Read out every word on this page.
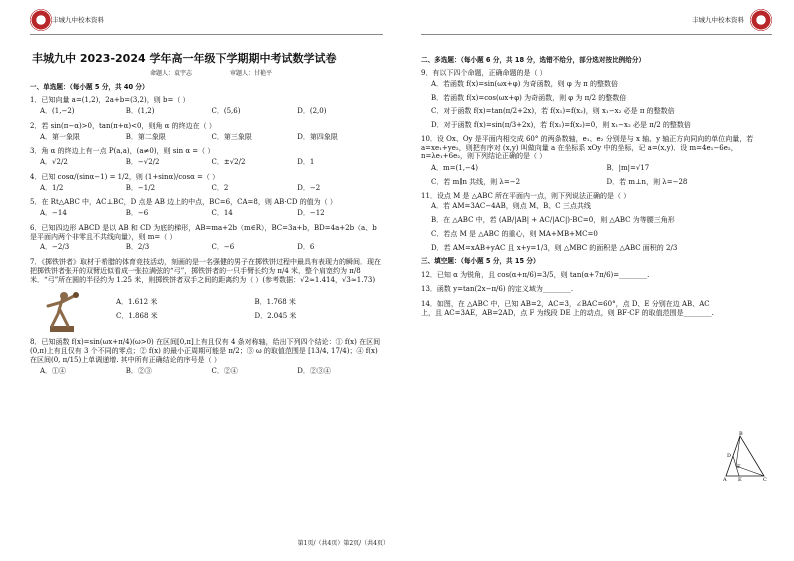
丰城九中校本资料
丰城九中 2023-2024 学年高一年级下学期期中考试数学试卷
命题人：袁宇志	审题人：甘艳平
一、单选题：（每小题 5 分，共 40 分）
1．已知向量 a=(1,2)，2a+b=(3,2)，则 b=（ ）
A．(1,−2)	B．(1,2)	C．(5,6)	D．(2,0)
2．若 sin(π−α)>0，tan(π+α)<0，则角 α 的终边在（ ）
A．第一象限	B．第二象限	C．第三象限	D．第四象限
3．角 α 的终边上有一点 P(a,a)，(a≠0)，则 sin α =（ ）
A．√2/2	B．−√2/2	C．±√2/2	D．1
4．已知 cosα/(sinα−1) = 1/2，则 (1+sinα)/cosα =（ ）
A．1/2	B．−1/2	C．2	D．−2
5．在 Rt△ABC 中，AC⊥BC，D 点是 AB 边上的中点，BC=6，CA=8，则 AB·CD 的值为（ ）
A．−14	B．−6	C．14	D．−12
6．已知四边形 ABCD 是以 AB 和 CD 为底的梯形，AB=ma+2b（m∈R），BC=3a+b，BD=4a+2b（a、b 是平面内两个非零且不共线向量），则 m=（ ）
A．−2/3	B．2/3	C．−6	D．6
7．《掷铁饼者》取材于希腊的体育竞技活动，刻画的是一名强健的男子在掷铁饼过程中最具有表现力的瞬间．现在把掷铁饼者张开的双臂近似看成一张拉满弦的“弓”，掷铁饼者的一只手臂长约为 π/4 米，整个肩宽约为 π/8 米．“弓”所在圆的半径约为 1.25 米，则掷铁饼者双手之间的距离约为（ ）(参考数据：√2≈1.414，√3≈1.73)
A．1.612 米	B．1.768 米
C．1.868 米	D．2.045 米
8．已知函数 f(x)=sin(ωx+π/4)(ω>0) 在区间[0,π]上有且仅有 4 条对称轴，给出下列四个结论：① f(x) 在区间(0,π)上有且仅有 3 个不同的零点；② f(x) 的最小正周期可能是 π/2；③ ω 的取值范围是 [13/4, 17/4)；④ f(x) 在区间(0, π/15)上单调递增. 其中所有正确结论的序号是（ ）
A．①④	B．②③	C．②④	D．②③④
第1页/（共4页）第2页/（共4页）
丰城九中校本资料
二、多选题：（每小题 6 分，共 18 分，选错不给分，部分选对按比例给分）
9．有以下四个命题，正确命题的是（ ）
A．若函数 f(x)=sin(ωx+φ) 为奇函数，则 φ 为 π 的整数倍
B．若函数 f(x)=cos(ωx+φ) 为奇函数，则 φ 为 π/2 的整数倍
C．对于函数 f(x)=tan(π/2+2x)，若 f(x₁)=f(x₂)，则 x₁−x₂ 必是 π 的整数倍
D．对于函数 f(x)=sin(π/3+2x)，若 f(x₁)=f(x₂)=0，则 x₁−x₂ 必是 π/2 的整数倍
10．设 Ox、Oy 是平面内相交成 60° 的两条数轴，e₁、e₂ 分别是与 x 轴、y 轴正方向同向的单位向量，若 a=xe₁+ye₂，则把有序对 (x,y) 叫做向量 a 在坐标系 xOy 中的坐标，记 a=(x,y)．设 m=4e₁−6e₂，n=λe₁+6e₂，则下列结论正确的是（ ）
A．m=(1,−4)	B．|m|=√17
C．若 m∥n 共线，则 λ=−2	D．若 m⊥n，则 λ=−28
11．设点 M 是 △ABC 所在平面内一点，则下列说法正确的是（ ）
A．若 AM=3AC−4AB，则点 M、B、C 三点共线
B．在 △ABC 中，若 (AB/|AB| + AC/|AC|)·BC=0，则 △ABC 为等腰三角形
C．若点 M 是 △ABC 的重心，则 MA+MB+MC=0
D．若 AM=xAB+yAC 且 x+y=1/3，则 △MBC 的面积是 △ABC 面积的 2/3
三、填空题：（每小题 5 分，共 15 分）
12．已知 α 为锐角，且 cos(α+π/6)=3/5，则 tan(α+7π/6)=________.
13．函数 y=tan(2x−π/6) 的定义域为________.
14．如图，在 △ABC 中，已知 AB=2，AC=3，∠BAC=60°，点 D、E 分别在边 AB、AC 上，且 AC=3AE，AB=2AD，点 F 为线段 DE 上的动点，则 BF·CF 的取值范围是________.
B
D
F
A E	C
